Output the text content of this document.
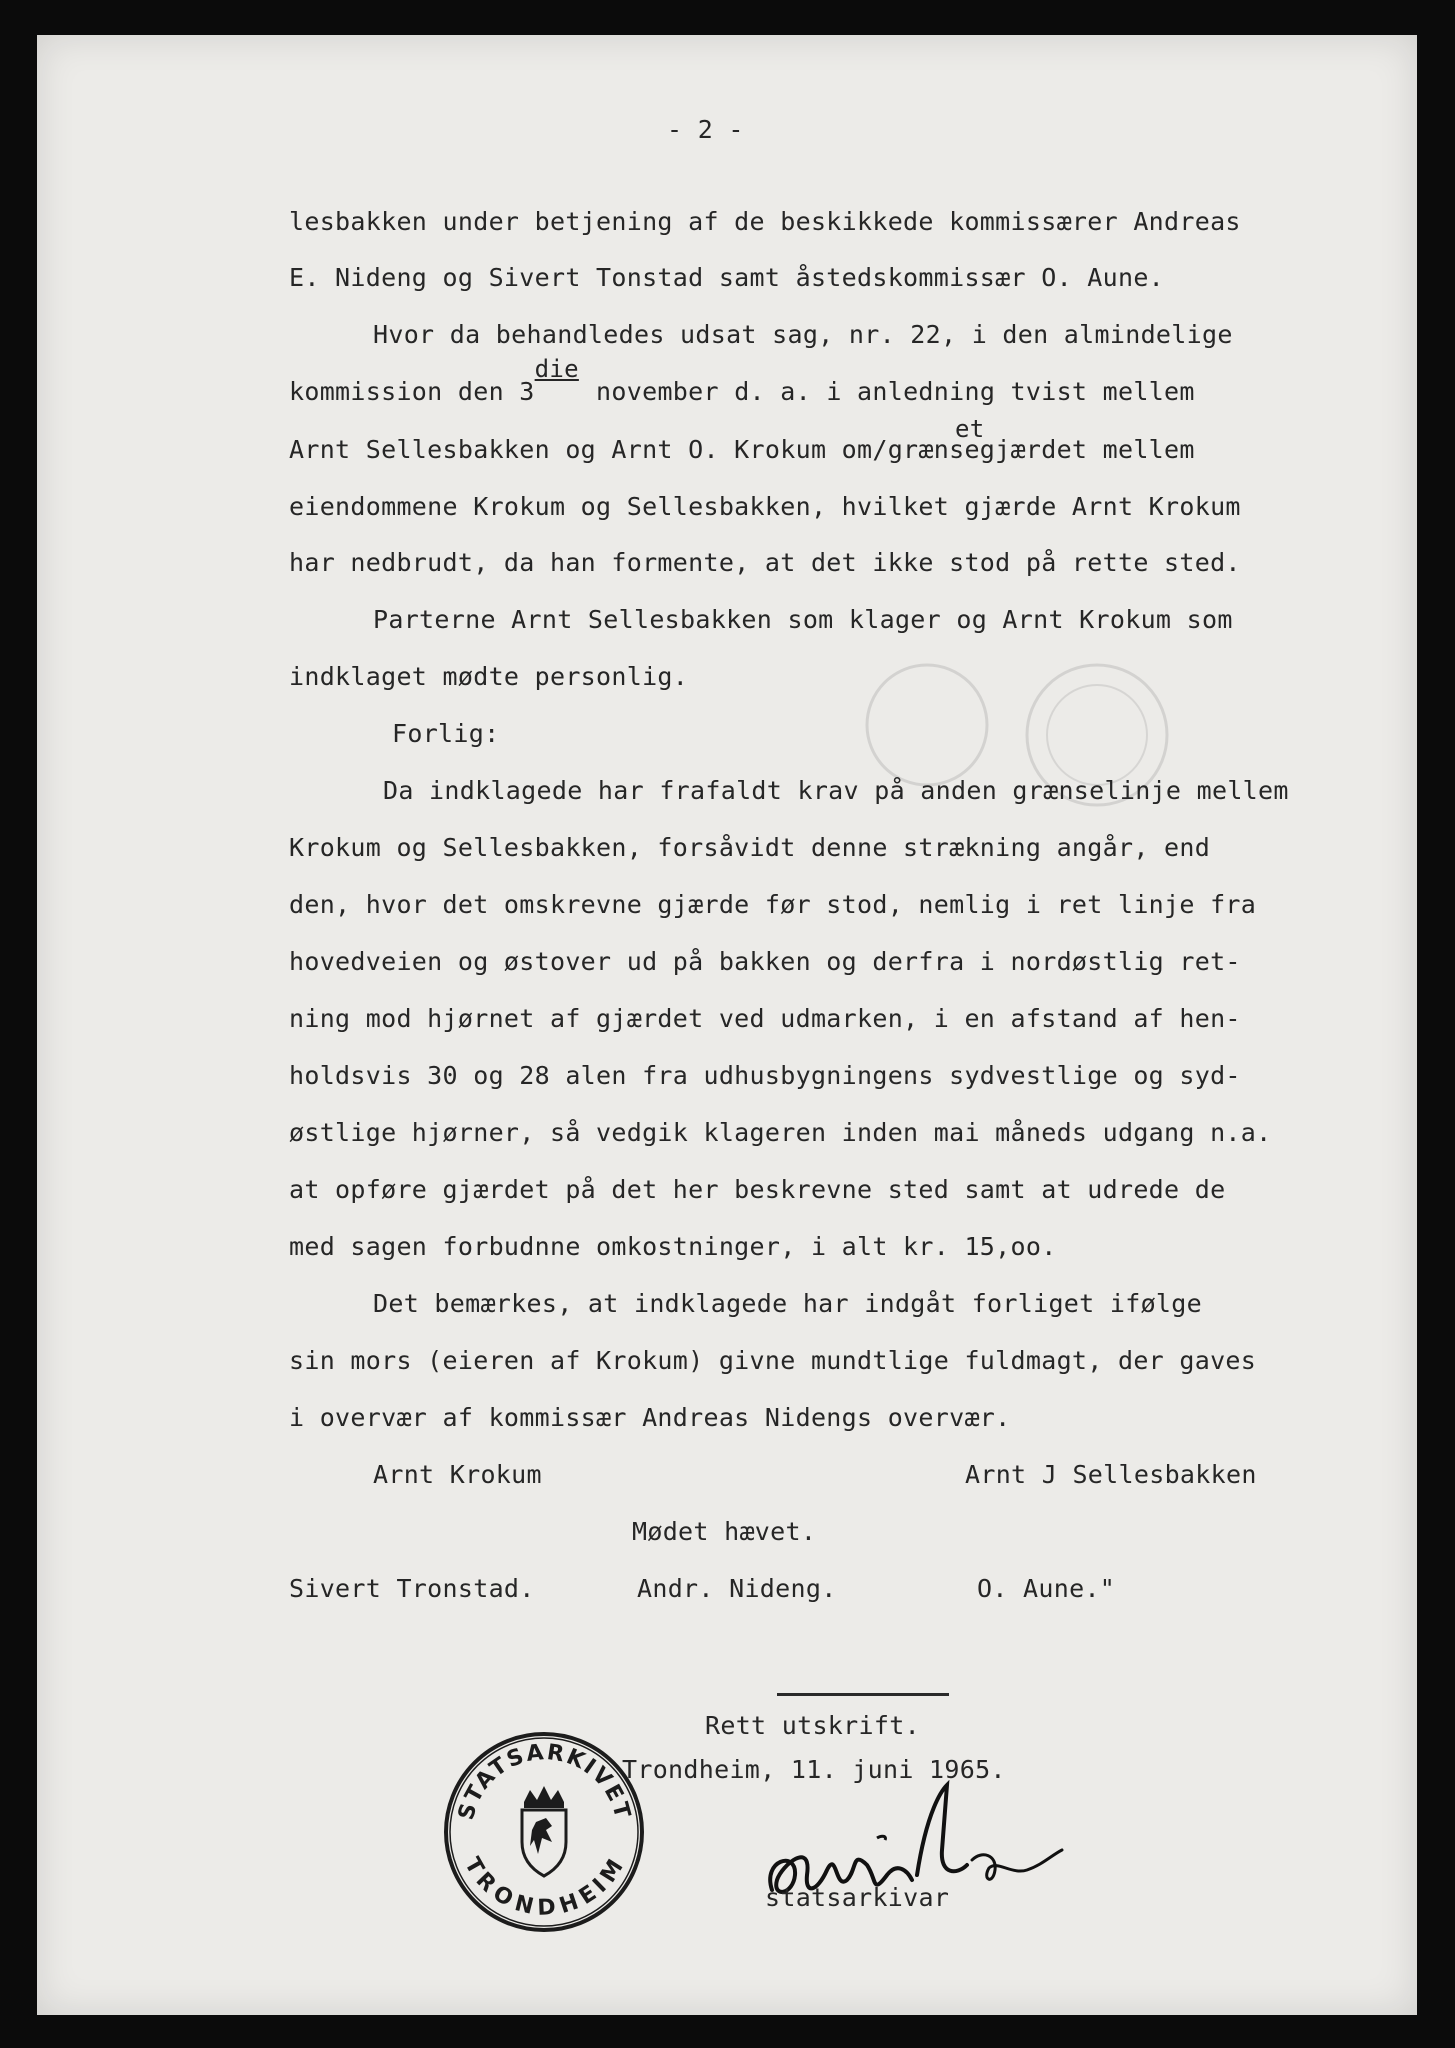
- 2 -
lesbakken under betjening af de beskikkede kommissærer Andreas
E. Nideng og Sivert Tonstad samt åstedskommissær O. Aune.
Hvor da behandledes udsat sag, nr. 22, i den almindelige
kommission den 3
die
november d. a. i anledning tvist mellem
et
Arnt Sellesbakken og Arnt O. Krokum om/grænsegjærdet mellem
eiendommene Krokum og Sellesbakken, hvilket gjærde Arnt Krokum
har nedbrudt, da han formente, at det ikke stod på rette sted.
Parterne Arnt Sellesbakken som klager og Arnt Krokum som
indklaget mødte personlig.
Forlig:
Da indklagede har frafaldt krav på anden grænselinje mellem
Krokum og Sellesbakken, forsåvidt denne strækning angår, end
den, hvor det omskrevne gjærde før stod, nemlig i ret linje fra
hovedveien og østover ud på bakken og derfra i nordøstlig ret-
ning mod hjørnet af gjærdet ved udmarken, i en afstand af hen-
holdsvis 30 og 28 alen fra udhusbygningens sydvestlige og syd-
østlige hjørner, så vedgik klageren inden mai måneds udgang n.a.
at opføre gjærdet på det her beskrevne sted samt at udrede de
med sagen forbudnne omkostninger, i alt kr. 15,oo.
Det bemærkes, at indklagede har indgåt forliget ifølge
sin mors (eieren af Krokum) givne mundtlige fuldmagt, der gaves
i overvær af kommissær Andreas Nidengs overvær.
Arnt Krokum	Arnt J Sellesbakken
Mødet hævet.
Sivert Tronstad.	Andr. Nideng.	O. Aune."
Rett utskrift.
Trondheim, 11. juni 1965.
STATSARKIVET
TRONDHEIM
statsarkivar
